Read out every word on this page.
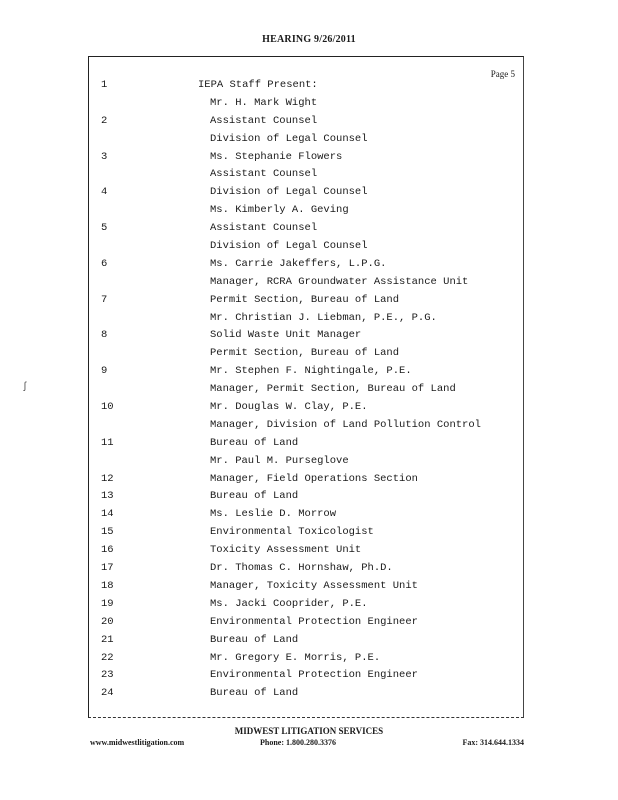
HEARING 9/26/2011
ʃ
Page 5
1	IEPA Staff Present:
Mr. H. Mark Wight
2	Assistant Counsel
Division of Legal Counsel
3	Ms. Stephanie Flowers
Assistant Counsel
4	Division of Legal Counsel
Ms. Kimberly A. Geving
5	Assistant Counsel
Division of Legal Counsel
6	Ms. Carrie Jakeffers, L.P.G.
Manager, RCRA Groundwater Assistance Unit
7	Permit Section, Bureau of Land
Mr. Christian J. Liebman, P.E., P.G.
8	Solid Waste Unit Manager
Permit Section, Bureau of Land
9	Mr. Stephen F. Nightingale, P.E.
Manager, Permit Section, Bureau of Land
10	Mr. Douglas W. Clay, P.E.
Manager, Division of Land Pollution Control
11	Bureau of Land
Mr. Paul M. Purseglove
12	Manager, Field Operations Section
13	Bureau of Land
14	Ms. Leslie D. Morrow
15	Environmental Toxicologist
16	Toxicity Assessment Unit
17	Dr. Thomas C. Hornshaw, Ph.D.
18	Manager, Toxicity Assessment Unit
19	Ms. Jacki Cooprider, P.E.
20	Environmental Protection Engineer
21	Bureau of Land
22	Mr. Gregory E. Morris, P.E.
23	Environmental Protection Engineer
24	Bureau of Land
MIDWEST LITIGATION SERVICES
www.midwestlitigation.com	Phone: 1.800.280.3376	Fax: 314.644.1334
